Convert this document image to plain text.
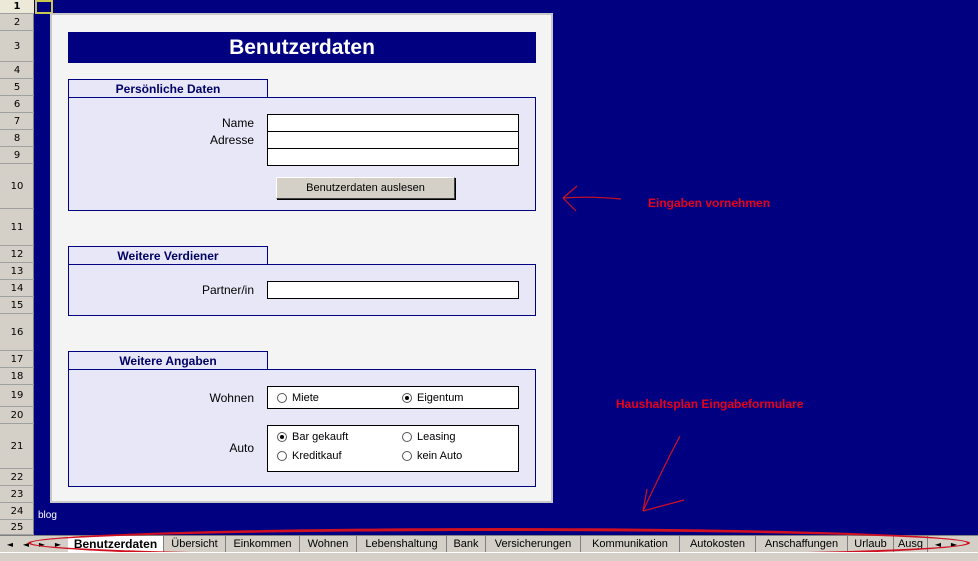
1
2
3
4
5
6
7
8
9
10
11
12
13
14
15
16
17
18
19
20
21
22
23
24
25
Benutzerdaten
Persönliche Daten
Name
Adresse
Benutzerdaten auslesen
Weitere Verdiener
Partner/in
Weitere Angaben
Wohnen	Miete	Eigentum
Auto
Bar gekauft	Leasing
Kreditkauf	kein Auto
Eingaben vornehmen
Haushaltsplan Eingabeformulare
blog
◄	◄	►	►	Benutzerdaten	Übersicht	Einkommen	Wohnen	Lebenshaltung	Bank	Versicherungen	Kommunikation	Autokosten	Anschaffungen	Urlaub	Ausg	◄	►
